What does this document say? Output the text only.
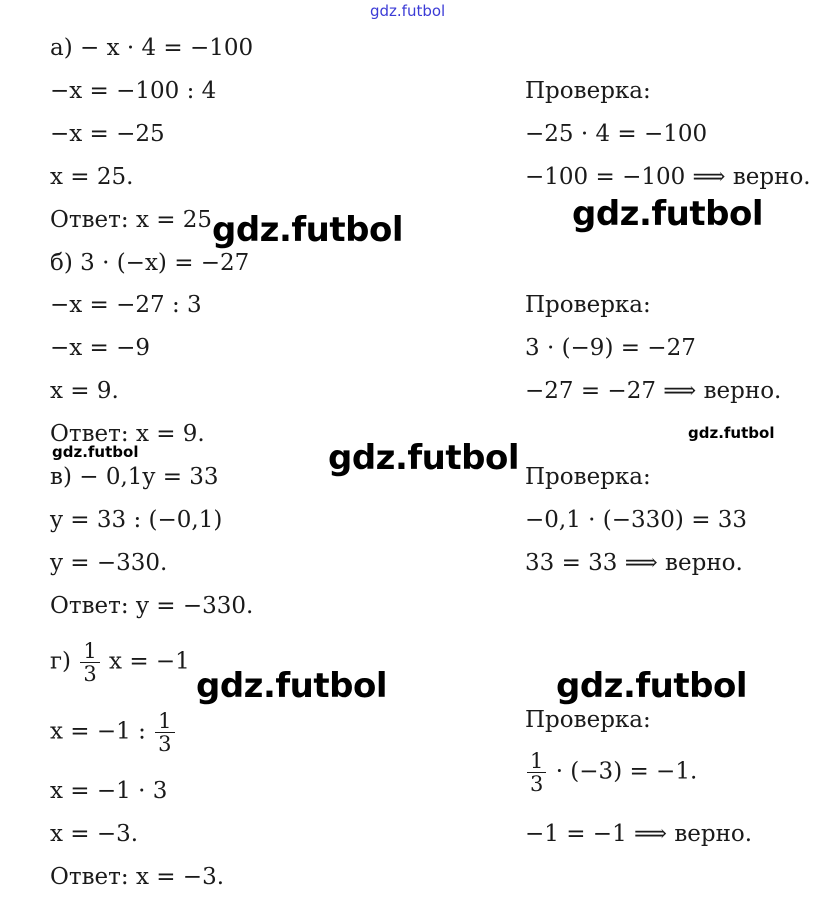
gdz.futbol
gdz.futbol	gdz.futbol
gdz.futbol
gdz.futbol
gdz.futbol
gdz.futbol	gdz.futbol
а) − x · 4 = −100
−x = −100 : 4
−x = −25
x = 25.
Ответ: x = 25
Проверка:
−25 · 4 = −100
−100 = −100 ⟹ верно.
б) 3 · (−x) = −27
−x = −27 : 3
−x = −9
x = 9.
Ответ: x = 9.
Проверка:
3 · (−9) = −27
−27 = −27 ⟹ верно.
в) − 0,1y = 33
y = 33 : (−0,1)
y = −330.
Ответ: y = −330.
Проверка:
−0,1 · (−330) = 33
33 = 33 ⟹ верно.
$г) \frac{1}{3}$ x = −1
x = −1 : $\frac{1}{3}$
x = −1 · 3
x = −3.
Ответ: x = −3.
Проверка:
$\frac{1}{3} \cdot (-3) = -1$.
−1 = −1 ⟹ верно.
